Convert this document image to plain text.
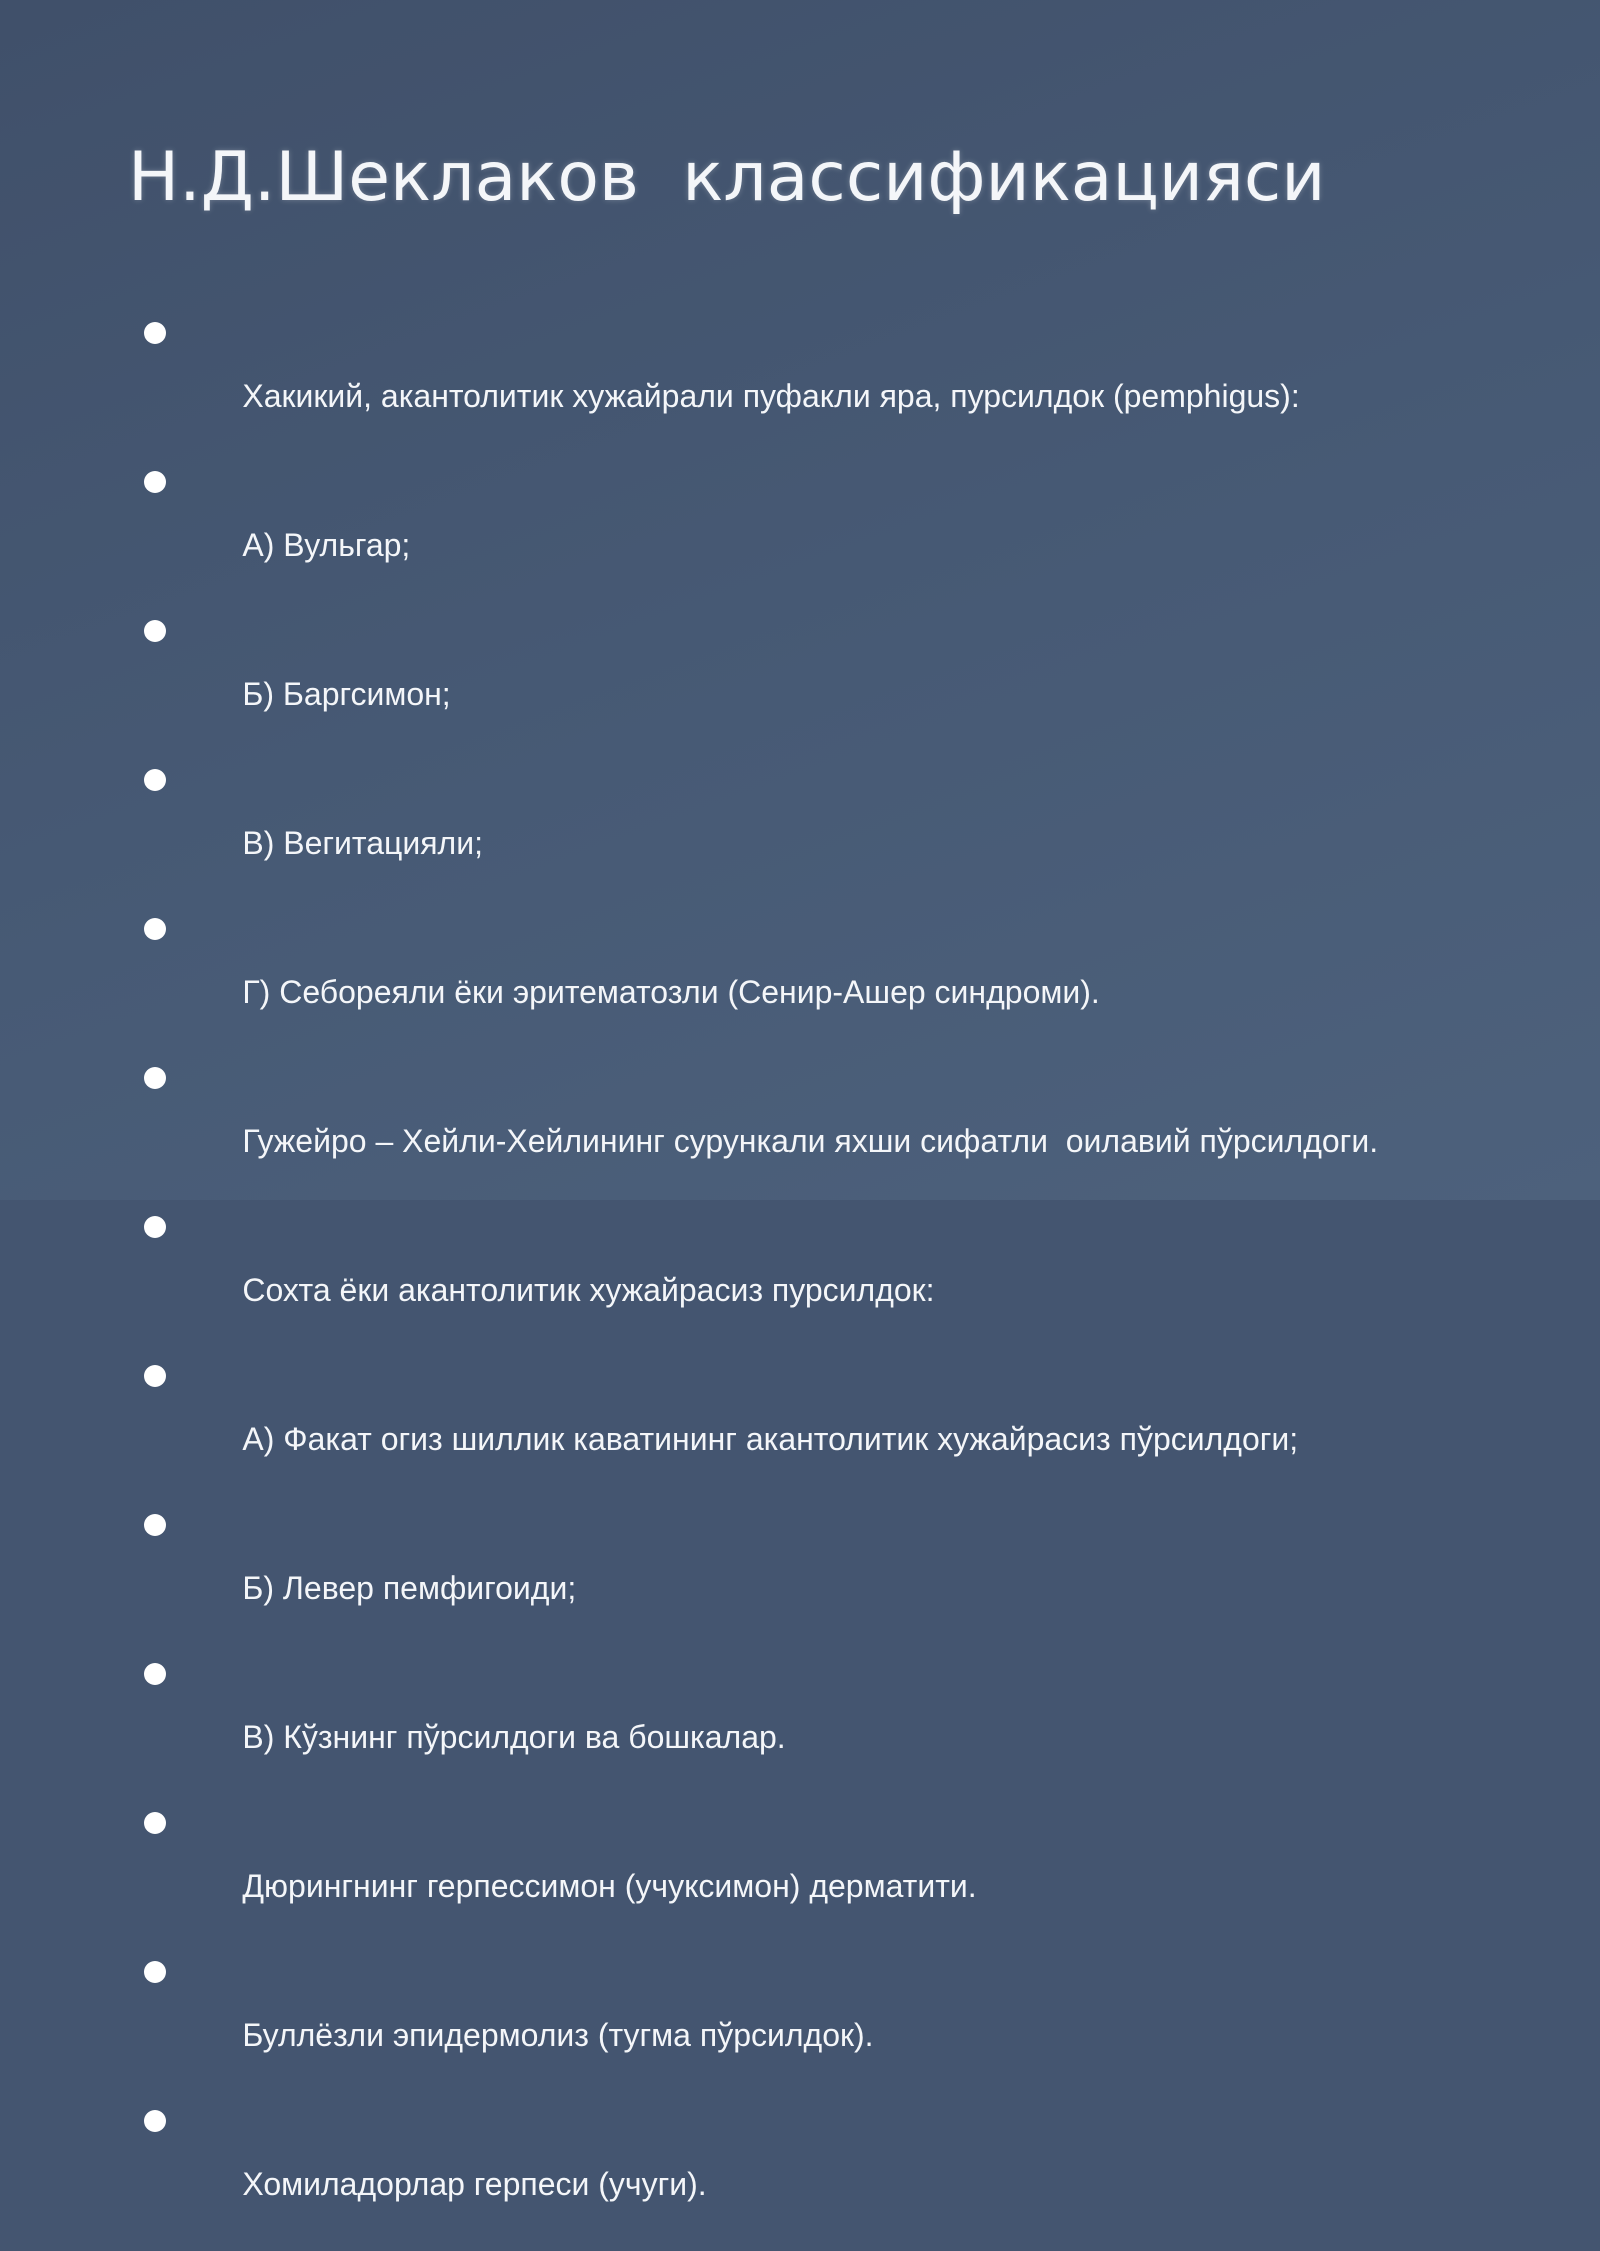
Н.Д.Шеклаков  классификацияси

Хакикий, акантолитик хужайрали пуфакли яра, пурсилдок (pemphigus):

А) Вульгар;

Б) Баргсимон;

В) Вегитацияли;

Г) Себореяли ёки эритематозли (Сенир-Ашер синдроми).

Гужейро – Хейли-Хейлининг сурункали яхши сифатли  оилавий пўрсилдоги.

Сохта ёки акантолитик хужайрасиз пурсилдок:

А) Факат огиз шиллик каватининг акантолитик хужайрасиз пўрсилдоги;

Б) Левер пемфигоиди;

В) Кўзнинг пўрсилдоги ва бошкалар.

Дюрингнинг герпессимон (учуксимон) дерматити.

Буллёзли эпидермолиз (тугма пўрсилдок).

Хомиладорлар герпеси (учуги).
